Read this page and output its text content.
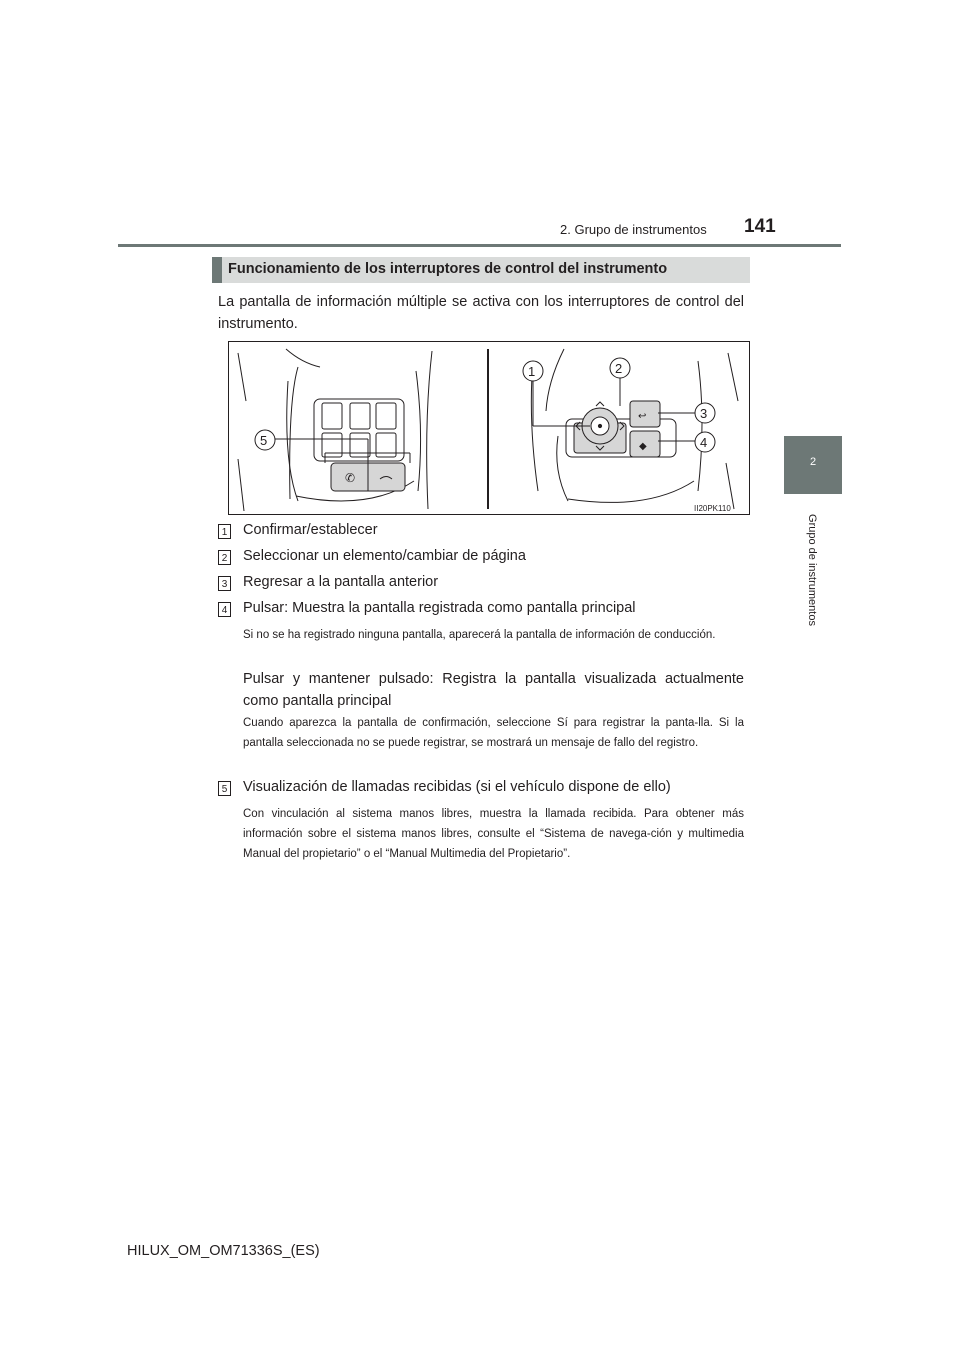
2. Grupo de instrumentos 141
2
Grupo de instrumentos
Funcionamiento de los interruptores de control del instrumento
La pantalla de información múltiple se activa con los interruptores de control del instrumento.
✆
5
↩
◆
1	2
3
4
II20PK110
1 Confirmar/establecer
2 Seleccionar un elemento/cambiar de página
3 Regresar a la pantalla anterior
4 Pulsar: Muestra la pantalla registrada como pantalla principal
Si no se ha registrado ninguna pantalla, aparecerá la pantalla de información de conducción.
Pulsar y mantener pulsado: Registra la pantalla visualizada actualmente como pantalla principal
Cuando aparezca la pantalla de confirmación, seleccione Sí para registrar la panta-lla. Si la pantalla seleccionada no se puede registrar, se mostrará un mensaje de fallo del registro.
5 Visualización de llamadas recibidas (si el vehículo dispone de ello)
Con vinculación al sistema manos libres, muestra la llamada recibida. Para obtener más información sobre el sistema manos libres, consulte el “Sistema de navega-ción y multimedia Manual del propietario” o el “Manual Multimedia del Propietario”.
HILUX_OM_OM71336S_(ES)
